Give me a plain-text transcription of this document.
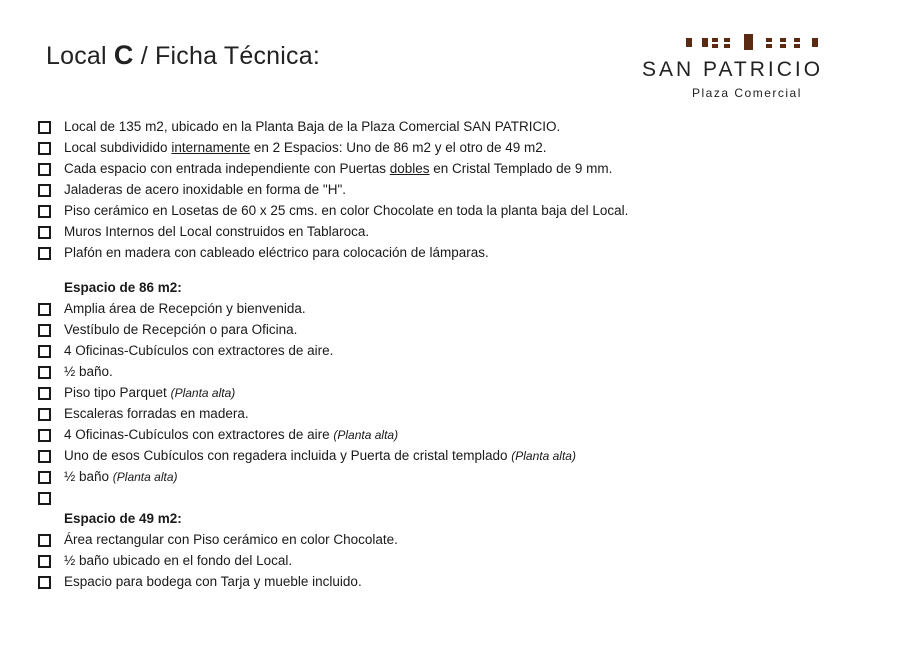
Local C / Ficha Técnica:	SAN PATRICIO
Plaza Comercial
Local de 135 m2, ubicado en la Planta Baja de la Plaza Comercial SAN PATRICIO.
Local subdividido internamente en 2 Espacios: Uno de 86 m2 y el otro de 49 m2.
Cada espacio con entrada independiente con Puertas dobles en Cristal Templado de 9 mm.
Jaladeras de acero inoxidable en forma de "H".
Piso cerámico en Losetas de 60 x 25 cms. en color Chocolate en toda la planta baja del Local.
Muros Internos del Local construidos en Tablaroca.
Plafón en madera con cableado eléctrico para colocación de lámparas.
Espacio de 86 m2:
Amplia área de Recepción y bienvenida.
Vestíbulo de Recepción o para Oficina.
4 Oficinas-Cubículos con extractores de aire.
½ baño.
Piso tipo Parquet (Planta alta)
Escaleras forradas en madera.
4 Oficinas-Cubículos con extractores de aire (Planta alta)
Uno de esos Cubículos con regadera incluida y Puerta de cristal templado (Planta alta)
½ baño (Planta alta)
Espacio de 49 m2:
Área rectangular con Piso cerámico en color Chocolate.
½ baño ubicado en el fondo del Local.
Espacio para bodega con Tarja y mueble incluido.
